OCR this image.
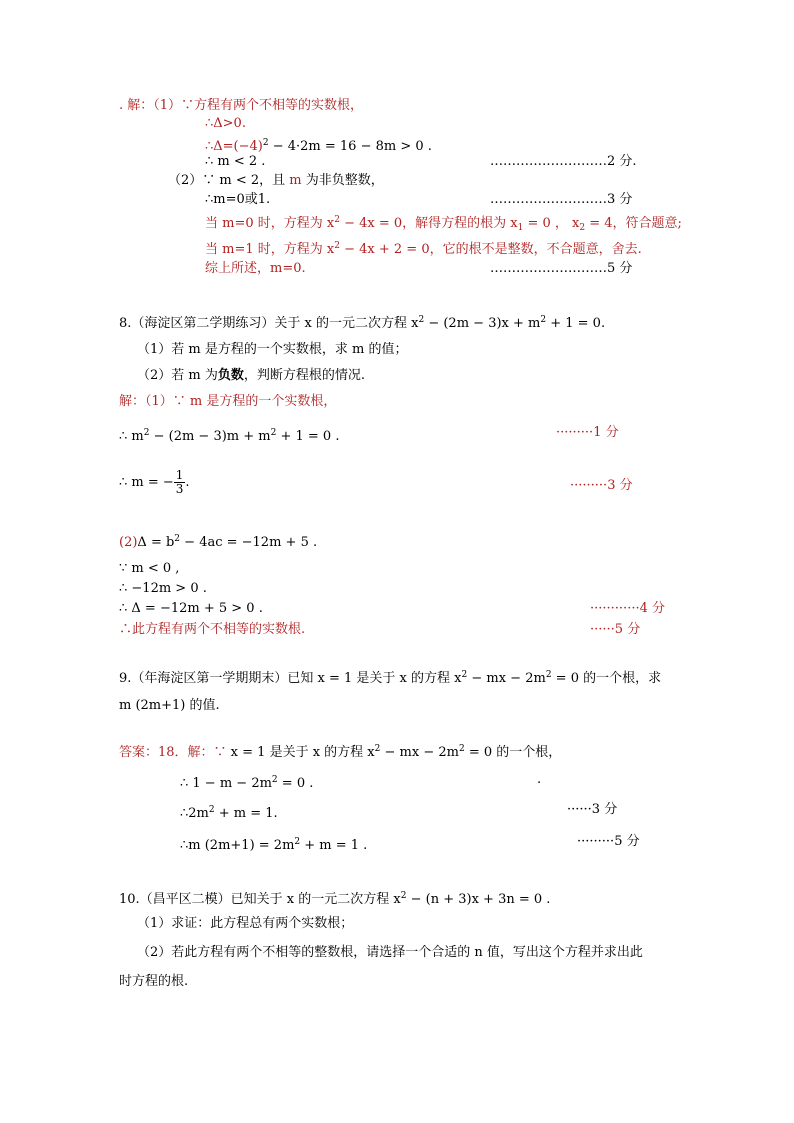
. 解：（1）∵方程有两个不相等的实数根，
∴Δ>0.
$\therefore\Delta=(-4)^2 - 4\cdot 2m = 16 - 8m > 0$ .
∴ m < 2 .	………………………2 分.
（2）∵ m < 2，且 m 为非负整数，
∴m=0或1.	………………………3 分
当 m=0 时，方程为 $x^2 - 4x = 0$，解得方程的根为 $x_1 = 0$ ， $x_2 = 4$，符合题意;
当 m=1 时，方程为 $x^2 - 4x + 2 = 0$，它的根不是整数，不合题意，舍去.
综上所述，m=0.	………………………5 分
8.（海淀区第二学期练习）关于 x 的一元二次方程 $x^2 - (2m - 3)x + m^2 + 1 = 0$.
（1）若 m 是方程的一个实数根，求 m 的值；
（2）若 m 为负数，判断方程根的情况.
解：（1）∵ m 是方程的一个实数根，
∴ $m^2 - (2m - 3)m + m^2 + 1 = 0$ .	·········1 分
∴ m = − $\frac{1}{3}$ .	·········3 分
$(2)\Delta = b^2 - 4ac = -12m + 5$ .
∵ m < 0 ,
∴ −12m > 0 .
∴ Δ = −12m + 5 > 0 .	············4 分
∴此方程有两个不相等的实数根.	······5 分
9.（年海淀区第一学期期末）已知 x = 1 是关于 x 的方程 $x^2$ − mx − $2m^2 = 0$ 的一个根，求
m (2m+1) 的值.
答案：18．解：∵ x = 1 是关于 x 的方程 $x^2$ − mx − $2m^2 = 0$ 的一个根，
∴ $1 - m - 2m^2 = 0$ .	.
$\therefore 2m^2 + m = 1$.	······3 分
∴m $(2m+1) = 2m^2 + m = 1$ .	·········5 分
10.（昌平区二模）已知关于 x 的一元二次方程 $x^2 - (n + 3)x + 3n = 0$ .
（1）求证：此方程总有两个实数根；
（2）若此方程有两个不相等的整数根，请选择一个合适的 n 值，写出这个方程并求出此
时方程的根.
